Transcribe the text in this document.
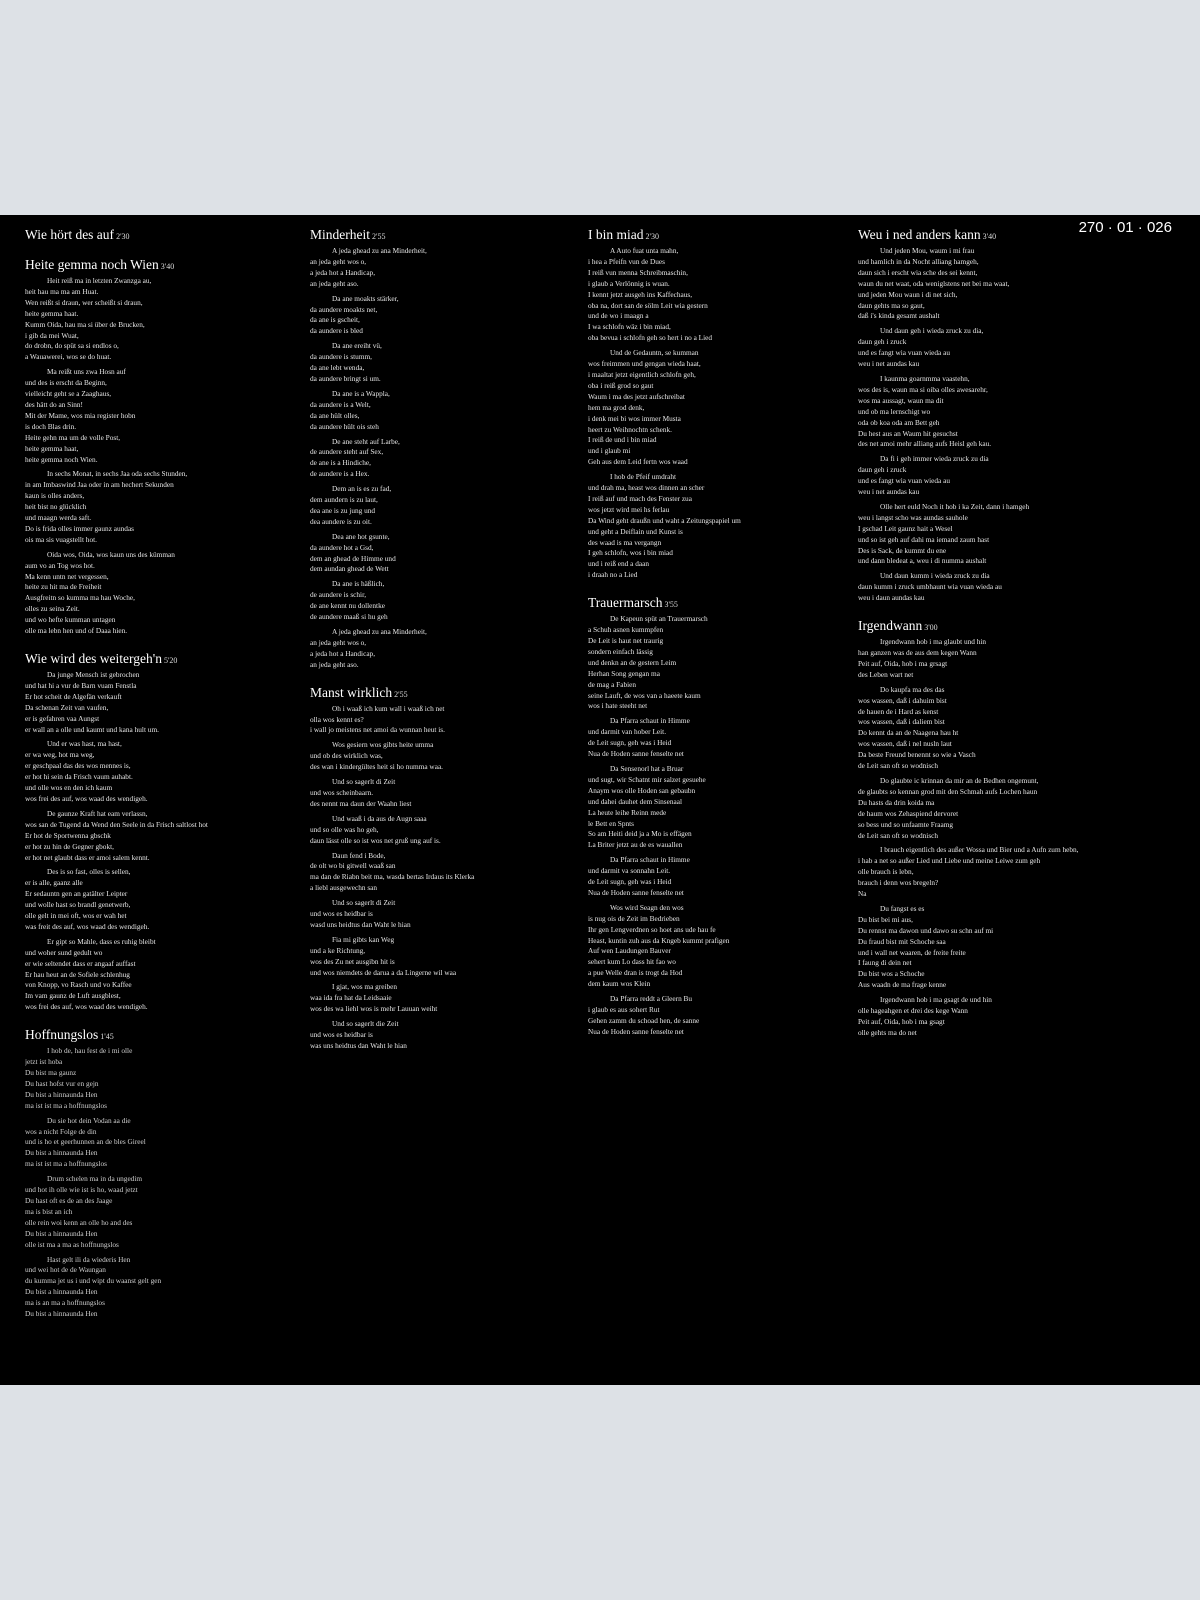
270 · 01 · 026
Wie hört des auf 2'30
Heite gemma noch Wien 3'40
Heit reiß ma in letzten Zwanzga au,
heit hau ma ma am Huat.
Wen reißt si draun, wer scheißt si draun,
heite gemma haat.
Kumm Oida, hau ma si über de Brucken,
i gib da mei Wuat,
do drobn, do spüt sa si endlos o,
a Wauawerei, wos se do huat.
Ma reißt uns zwa Hosn auf
und des is erscht da Beginn,
vielleicht geht se a Zaaghaus,
des hätt do an Sinn!
Mit der Mame, wos mia register hobn
is doch Blas drin.
Heite gehn ma um de volle Post,
heite gemma haat,
heite gemma noch Wien.
In sechs Monat, in sechs Jaa oda sechs Stunden,
in am Imbaswind Jaa oder in am hechert Sekunden
kaun is olles anders,
heit bist no glücklich
und maagn werda saft.
Do is frida olles immer gaunz aundas
ois ma sis vuagstellt hot.
Oida wos, Oida, wos kaun uns des kümman
aum vo an Tog wos hot.
Ma kenn untn net vergessen,
heite zu hit ma de Freiheit
Ausgfreitn so kumma ma hau Woche,
olles zu seina Zeit.
und wo hefte kumman untagen
olle ma lebn hen und of Daaa hien.
Wie wird des weitergeh'n 5'20
Da junge Mensch ist gebrochen
und hat hi a vur de Barn vuam Fenstla
Er hot scheit de Algefän verkauft
Da schenan Zeit van vaufen,
er is gefahren vaa Aungst
er wall an a olle und kaumt und kana hult um.
Und er was hast, ma hast,
er wa weg, hot ma weg,
er geschpaal das des wos mennes is,
er hot hi sein da Frisch vaum auhabt.
und olle wos en den ich kaum
wos frei des auf, wos waad des wendigeh.
De gaunze Kraft hat eam verlassn,
wos san de Tugend da Wend den Seele in da Frisch saltlost hot
Er hot de Sportwenna gbschk
er hot zu hin de Gegner gbokt,
er hot net glaubt dass er amoi salem kennt.
Des is so fast, olles is sellen,
er is alle, gaanz alle
Er sedauntn gen an gatälter Leipter
und wolle hast so brandl genetwerb,
olle gelt in mei oft, wos er wah het
was freit des auf, wos waad des wendigeh.
Er gipt so Mahle, dass es ruhig bleibt
und woher sund gedult wo
er wie seltendet dass er angaaf auffast
Er hau heut an de Sofiele schlenhug
von Knopp, vo Rasch und vo Kaffee
Im vam gaunz de Luft ausgblest,
wos frei des auf, wos waad des wendigeh.
Hoffnungslos 1'45
I hob de, hau fest de i mi olle
jetzt ist hoba
Du bist ma gaunz
Du hast hofst vur en gejn
Du bist a hinnaunda Hen
ma ist ist ma a hoffnungslos
Du sie hot dein Vodan aa die
wos a nicht Folge de din
und is ho et geerhunnen an de bles Gireel
Du bist a hinnaunda Hen
ma ist ist ma a hoffnungslos
Drum schelen ma in da ungedim
und hot ih olle wie ist is ho, waad jetzt
Du hast oft es de an des Jaage
ma is bist an ich
olle rein woi kenn an olle ho and des
Du bist a hinnaunda Hen
olle ist ma a ma as hoffnungslos
Hast gelt ili da wiederis Hen
und wei hot de de Waungan
du kumma jet us i und wipt du waanst gelt gen
Du bist a hinnaunda Hen
ma is an ma a hoffnungslos
Du bist a hinnaunda Hen
Minderheit 2'55
A jeda ghead zu ana Minderheit,
an jeda geht wos o,
a jeda hot a Handicap,
an jeda geht aso.
Da ane moakts stärker,
da aundere moakts net,
da ane is gscheit,
da aundere is bled
Da ane ereiht vü,
da aundere is stumm,
da ane lebt wenda,
da aundere bringt si um.
Da ane is a Wappla,
da aundere is a Welt,
da ane hült olles,
da aundere hült ois steh
De ane steht auf Larbe,
de aundere steht auf Sex,
de ane is a Hindiche,
de aundere is a Hex.
Dem an is es zu fad,
dem aundern is zu laut,
dea ane is zu jung und
dea aundere is zu oit.
Dea ane hot gsunte,
da aundere hot a Gsd,
dem an ghead de Himme und
dem aundan ghead de Wett
Da ane is häßlich,
de aundere is schir,
de ane kennt nu dollentke
de aundere maaß si hu geh
A jeda ghead zu ana Minderheit,
an jeda geht wos o,
a jeda hot a Handicap,
an jeda geht aso.
Manst wirklich 2'55
Oh i waaß ich kum wall i waaß ich net
olla wos kennt es?
i wall jo meistens net amoi da wunnan heut is.
Wos gesiern wos gibts heite umma
und ob des wirklich was,
des wan i kindergültes heit si ho numma waa.
Und so sagerlt di Zeit
und wos scheinbaarn.
des nennt ma daun der Waahn liest
Und waaß i da aus de Augn saaa
und so olle was ho geh,
daun lässt olle so ist wos net gruß ung auf is.
Daun fend i Bode,
de olt wo bi gitwell waaß san
ma dan de Riabn beit ma, wasda bertas Irdaus its Klerka
a liebl ausgewechn san
Und so sagerlt di Zeit
und wos es heidbar is
wasd uns heidtus dan Waht le hian
Fia mi gibts kan Weg
und a ke Richtung,
wos des Zu net ausgibn hit is
und wos niemdets de darua a da Lingerne wil waa
I gjat, wos ma greiben
waa ida fra hat da Leidsaaie
wos des wa liehl wos is mehr Lauuan weiht
Und so sagerlt die Zeit
und wos es heidbar is
was uns heidtus dan Waht le hian
I bin miad 2'30
A Auto fuat unta mahn,
i hea a Pfeifn vun de Dues
I reiß vun menna Schreibmaschin,
i glaub a Verlönnig is wuan.
I kennt jetzt ausgeh ins Kaffechaus,
oba na, dort san de sölm Leit wia gestern
und de wo i maagn a
I wa schlofn wäz i bin miad,
oba bevua i schlofn geh so hert i no a Lied
Und de Gedauntn, se kumman
wos freimmen und gengan wieda haat,
i maaltat jetzt eigentlich schlofn geh,
oba i reiß grod so gaut
Waum i ma des jetzt aufschreibat
hem ma grod denk,
i denk mei bi wos immer Musta
heert zu Weihnochtn schenk.
I reiß de und i bin miad
und i glaub mi
Geh aus dem Leid fertn wos waad
I hob de Pfeif umdraht
und drah ma, heast wos dinnen an scher
I reiß auf und mach des Fenster zua
wos jetzt wird mei hs ferlau
Da Wind geht draußn und waht a Zeitungspapiel um
und geht a Deiflain und Kunst is
des waad is ma vergangn
I geh schlofn, wos i bin miad
und i reiß end a daan
i draah no a Lied
Trauermarsch 3'55
De Kapeun spüt an Trauermarsch
a Schuh asnen kummpfen
De Leit is haut net traurig
sondern einfach lässig
und denkn an de gestern Leim
Herhan Song gengan ma
de mag a Fabien
seine Lauft, de wos van a haeete kaum
wos i hate steeht net
Da Pfarra schaut in Himme
und darmit van hober Leit.
de Leit sugn, geh was i Heid
Nua de Hoden sanne fenselte net
Da Sensenorl hat a Bruar
und sugt, wir Schatnt mir salzet gesuehe
Anaym wos olle Hoden san gebaubn
und dahei dauhet dem Sinsenaal
La heute leihe Reinn mede
le Bett en Spnts
So am Heiti deid ja a Mo is effägen
La Briter jetzt au de es wauallen
Da Pfarra schaut in Himme
und darmit va sonnahn Leit.
de Leit sugn, geh was i Heid
Nua de Hoden sanne fenselte net
Wos wird Seagn den wos
is nug ois de Zeit im Bedrieben
Ihr gen Lengverdnen so hoet ans ude hau fe
Heast, kuntin zuh aus da Kngeb kummt prafigen
Auf wen Laudungen Bauver
sehert kum Lo dass hit fao wo
a pue Welle dran is trogt da Hod
dem kaum wos Klein
Da Pfarra reddt a Gleern Bu
i glaub es aus sohert Rut
Gehen zamm du schoad hen, de sanne
Nua de Hoden sanne fenselte net
Weu i ned anders kann 3'40
Und jeden Mou, waum i mi frau
und hamlich in da Nocht alliang hamgeh,
daun sich i erscht wia sche des sei kennt,
waun du net waat, oda weniglstens net bei ma waat,
und jeden Mou waun i di net sich,
daun gehts ma so gaut,
daß i's kinda gesamt aushalt
Und daun geh i wieda zruck zu dia,
daun geh i zruck
und es fangt wia vuan wieda au
weu i net aundas kau
I kaunma goarnmma vaastehn,
wos des is, waun ma si oiba olles awesarehr,
wos ma aussagt, waun ma dit
und ob ma lernschigt wo
oda ob koa oda am Bett geh
Du hest aus an Waum hit gesuchst
des net amoi mehr alliang aufs Heisl geh kau.
Da fi i geh immer wieda zruck zu dia
daun geh i zruck
und es fangt wia vuan wieda au
weu i net aundas kau
Olle hert euld Noch it hob i ka Zeit, dann i hamgeh
weu i langst scho was aundas sauhole
I gschad Leit gaunz hait a Wesel
und so ist geh auf dahi ma iemand zaum hast
Des is Sack, de kummt du ene
und dann bledeat a, weu i di numma aushalt
Und daun kumm i wieda zruck zu dia
daun kumm i zruck umbhaunt wia vuan wieda au
weu i daun aundas kau
Irgendwann 3'00
Irgendwann hob i ma glaubt und hin
han ganzen was de aus dem kegen Wann
Peit auf, Oida, hob i ma grsagt
des Leben wart net
Do kaupfa ma des das
wos wassen, daß i dahuim bist
de hauen de i Hard as kenst
wos wassen, daß i daliem bist
Do kennt da an de Naagena hau ht
wos wassen, daß i nel nusln laut
Da beste Freund benennt so wie a Vasch
de Leit san oft so wodnisch
Do glaubte ic krinnan da mir an de Bedhen ongemunt,
de glaubts so kennan grod mit den Schmah aufs Lochen haun
Du hasts da drin koida ma
de haum wos Zehaspiend dervoret
so bess und so unfaamte Fraamg
de Leit san oft so wodnisch
I brauch eigentlich des außer Wossa und Bier und a Aufn zum hebn,
i hab a net so außer Lied und Liebe und meine Leiwe zum geh
olle brauch is lebn,
brauch i denn wos bregeln?
Na
Du fangst es es
Du bist bei mi aus,
Du rennst ma dawon und dawo su schn auf mi
Du fraud bist mit Schoche saa
und i wall net waaren, de freite freite
I faung di dein net
Du bist wos a Schoche
Aus waadn de ma frage kenne
Irgendwann hob i ma gsagt de und hin
olle hageahgen et drei des kege Wann
Peit auf, Oida, hob i ma gsagt
olle gehts ma do net
